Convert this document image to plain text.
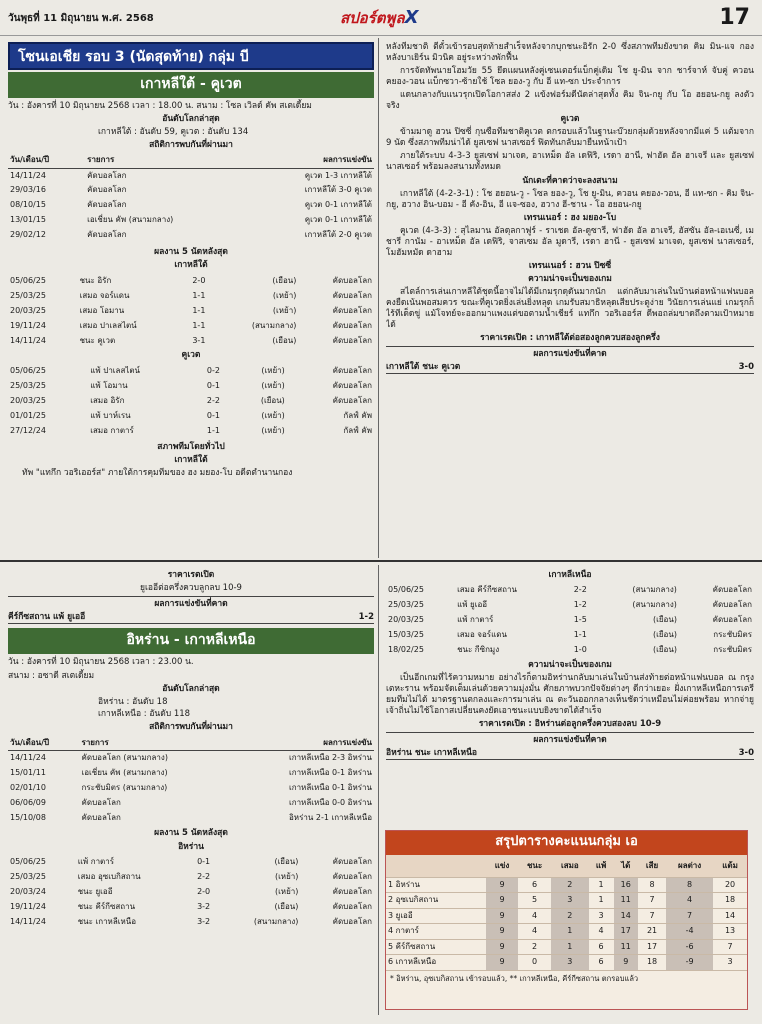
วันพุธที่ 11 มิถุนายน พ.ศ. 2568	สปอร์ตพูลX	17
โซนเอเชีย รอบ 3 (นัดสุดท้าย) กลุ่ม บี
เกาหลีใต้ - คูเวต
วัน : อังคารที่ 10 มิถุนายน 2568 เวลา : 18.00 น. สนาม : โซล เวิลด์ คัพ สเตเดี้ยม
อันดับโลกล่าสุด
เกาหลีใต้ : อันดับ 59, คูเวต : อันดับ 134
สถิติการพบกันที่ผ่านมา
วัน/เดือน/ปี	รายการ	ผลการแข่งขัน
14/11/24	คัดบอลโลก	คูเวต 1-3 เกาหลีใต้
29/03/16	คัดบอลโลก	เกาหลีใต้ 3-0 คูเวต
08/10/15	คัดบอลโลก	คูเวต 0-1 เกาหลีใต้
13/01/15	เอเชี่ยน คัพ (สนามกลาง)	คูเวต 0-1 เกาหลีใต้
29/02/12	คัดบอลโลก	เกาหลีใต้ 2-0 คูเวต
ผลงาน 5 นัดหลังสุด
เกาหลีใต้
05/06/25	ชนะ อิรัก	2-0	(เยือน)	คัดบอลโลก
25/03/25	เสมอ จอร์แดน	1-1	(เหย้า)	คัดบอลโลก
20/03/25	เสมอ โอมาน	1-1	(เหย้า)	คัดบอลโลก
19/11/24	เสมอ ปาเลสไตน์	1-1	(สนามกลาง)	คัดบอลโลก
14/11/24	ชนะ คูเวต	3-1	(เยือน)	คัดบอลโลก
คูเวต
05/06/25	แพ้ ปาเลสไตน์	0-2	(เหย้า)	คัดบอลโลก
25/03/25	แพ้ โอมาน	0-1	(เหย้า)	คัดบอลโลก
20/03/25	เสมอ อิรัก	2-2	(เยือน)	คัดบอลโลก
01/01/25	แพ้ บาห์เรน	0-1	(เหย้า)	กัลฟ์ คัพ
27/12/24	เสมอ กาตาร์	1-1	(เหย้า)	กัลฟ์ คัพ
สภาพทีมโดยทั่วไป
เกาหลีใต้
ทัพ "แทกึก วอริเออร์ส" ภายใต้การคุมทีมของ ฮง มยอง-โบ อดีตตำนานกอง
หลังทีมชาติ ตีตั๋วเข้ารอบสุดท้ายสำเร็จหลังจากบุกชนะอิรัก 2-0 ซึ่งสภาพทีมยังขาด คิม มิน-แจ กองหลังบาเยิร์น มิวนิค อยู่ระหว่างพักฟื้น
การจัดทัพนายโฮมวัย 55 ยึดแผนหลังคู่เซนเตอร์แบ็กคู่เดิม โช ยู-มิน จาก ชาร์จาห์ จับคู่ ควอน คยอง-วอน แบ็กซวา-ซ้ายใช้ โซล ยอง-วู กับ อี แท-ซก ประจำการ
แดนกลางกับแนวรุกเปิดโอกาสส่ง 2 แข้งฟอร์มดีนัดล่าสุดทั้ง คิม จิน-กยู กับ โอ ฮยอน-กยู ลงตัวจริง
คูเวต
ข้ามมาดู ฮวน ปิซซี่ กุนซือทีมชาติคูเวต ตกรอบแล้วในฐานะบ๊วยกลุ่มด้วยหลังจากมีแค่ 5 แต้มจาก 9 นัด ซึ่งสภาพทีมน่าได้ ยูสเซฟ นาสเซอร์ ฟิตทันกลับมายืนหน้าเป้า
ภายใต้ระบบ 4-3-3 ยูสเซฟ มาเจด, อาเหม็ด อัล เดฟิริ, เรดา ฮานี, ฟาฮัด อัล ฮาเจรี และ ยูสเซฟ นาสเซอร์ พร้อมลงสนามทั้งหมด
นักเตะที่คาดว่าจะลงสนาม
เกาหลีใต้ (4-2-3-1) : โช ฮยอน-วู - โซล ยอง-วู, โช ยู-มิน, ควอน คยอง-วอน, อี แท-ซก - คิม จิน-กยู, ฮวาง อิน-บอม - อี คัง-อิน, อี แจ-ซอง, ฮวาง ฮี-ชาน - โอ ฮยอน-กยู
เทรนเนอร์ : ฮง มยอง-โบ
คูเวต (4-3-3) : สุไลมาน อัลดุลกาฟูร์ - ราเชด อัล-ดูซารี, ฟาฮัด อัล ฮาเจรี, ฮัสซัน อัล-เอเนซี่, เมชารี กานัม - อาเหม็ด อัล เดฟิริ, จาสเซม อัล มูดารี, เรดา ฮานี - ยูสเซฟ มาเจด, ยูสเซฟ นาสเซอร์, โมฮัมหมัด ดาฮาม
เทรนเนอร์ : ฮวน ปิซซี่
ความน่าจะเป็นของเกม
สไตล์การเล่นเกาหลีใต้ชุดนี้อาจไม่ได้มีเกมรุกดุดันมากนัก แต่กลับมาเล่นในบ้านต่อหน้าแฟนบอลคงยืดเน้นพอสมควร ขณะที่คูเวตยิ่งเล่นยิ่งหลุด เกมรับสมาธิหลุดเสียประตูง่าย วินัยการเล่นแย่ เกมรุกก็ไร้ทีเด็ดขู่ แม้โจทย์จะออกมาแพงแต่ขอตามน้ำเชียร์ แทกึก วอริเออร์ส ดีพอถล่มขาดถึงตามเป้าหมายได้
ราคาเรตเปิด : เกาหลีใต้ต่อสองลูกควบสองลูกครึ่ง
ผลการแข่งขันที่คาด
เกาหลีใต้ ชนะ คูเวต	3-0
ราคาเรตเปิด
ยูเออีต่อครึ่งควบลูกลบ 10-9
ผลการแข่งขันที่คาด
คีร์กีซสถาน แพ้ ยูเออี	1-2
อิหร่าน - เกาหลีเหนือ
วัน : อังคารที่ 10 มิถุนายน 2568 เวลา : 23.00 น.
สนาม : อซาดี สเตเดี้ยม
อันดับโลกล่าสุด
อิหร่าน : อันดับ 18
เกาหลีเหนือ : อันดับ 118
สถิติการพบกันที่ผ่านมา
วัน/เดือน/ปี	รายการ	ผลการแข่งขัน
14/11/24	คัดบอลโลก (สนามกลาง)	เกาหลีเหนือ 2-3 อิหร่าน
15/01/11	เอเชี่ยน คัพ (สนามกลาง)	เกาหลีเหนือ 0-1 อิหร่าน
02/01/10	กระชับมิตร (สนามกลาง)	เกาหลีเหนือ 0-1 อิหร่าน
06/06/09	คัดบอลโลก	เกาหลีเหนือ 0-0 อิหร่าน
15/10/08	คัดบอลโลก	อิหร่าน 2-1 เกาหลีเหนือ
ผลงาน 5 นัดหลังสุด
อิหร่าน
05/06/25	แพ้ กาตาร์	0-1	(เยือน)	คัดบอลโลก
25/03/25	เสมอ อุซเบกิสถาน	2-2	(เหย้า)	คัดบอลโลก
20/03/24	ชนะ ยูเออี	2-0	(เหย้า)	คัดบอลโลก
19/11/24	ชนะ คีร์กีซสถาน	3-2	(เยือน)	คัดบอลโลก
14/11/24	ชนะ เกาหลีเหนือ	3-2	(สนามกลาง)	คัดบอลโลก
เกาหลีเหนือ
05/06/25	เสมอ คีร์กีซสถาน	2-2	(สนามกลาง)	คัดบอลโลก
25/03/25	แพ้ ยูเออี	1-2	(สนามกลาง)	คัดบอลโลก
20/03/25	แพ้ กาตาร์	1-5	(เยือน)	คัดบอลโลก
15/03/25	เสมอ จอร์แดน	1-1	(เยือน)	กระชับมิตร
18/02/25	ชนะ กีซิกมูง	1-0	(เยือน)	กระชับมิตร
ความน่าจะเป็นของเกม
เป็นอีกเกมที่ไร้ความหมาย อย่างไรก็ตามอิหร่านกลับมาเล่นในบ้านส่งท้ายต่อหน้าแฟนบอล ณ กรุงเตหะราน พร้อมจัดเต็มเล่นด้วยความมุ่งมั่น ศักยภาพบวกปัจจัยต่างๆ ดีกว่าเยอะ ฝั่งเกาหลีเหนือการเตรียมทีมไม่ได้ มาตรฐานตกลงและการมาเล่น ณ ตะวันออกกลางเห็นชัดว่าเหมือนไม่ค่อยพร้อม หากจ่ายูเจ้าถิ่นไม่ใช้โอกาสเปลี่ยนคงยัดเอาชนะแบบยิงขาดได้สำเร็จ
ราคาเรตเปิด : อิหร่านต่อลูกครึ่งควบสองลบ 10-9
ผลการแข่งขันที่คาด
อิหร่าน ชนะ เกาหลีเหนือ	3-0
สรุปตารางคะแนนกลุ่ม เอ
	แข่ง	ชนะ	เสมอ	แพ้	ได้	เสีย	ผลต่าง	แต้ม
1 อิหร่าน	9	6	2	1	16	8	8	20
2 อุซเบกิสถาน	9	5	3	1	11	7	4	18
3 ยูเออี	9	4	2	3	14	7	7	14
4 กาตาร์	9	4	1	4	17	21	-4	13
5 คีร์กีซสถาน	9	2	1	6	11	17	-6	7
6 เกาหลีเหนือ	9	0	3	6	9	18	-9	3
* อิหร่าน, อุซเบกิสถาน เข้ารอบแล้ว, ** เกาหลีเหนือ, คีร์กีซสถาน ตกรอบแล้ว
